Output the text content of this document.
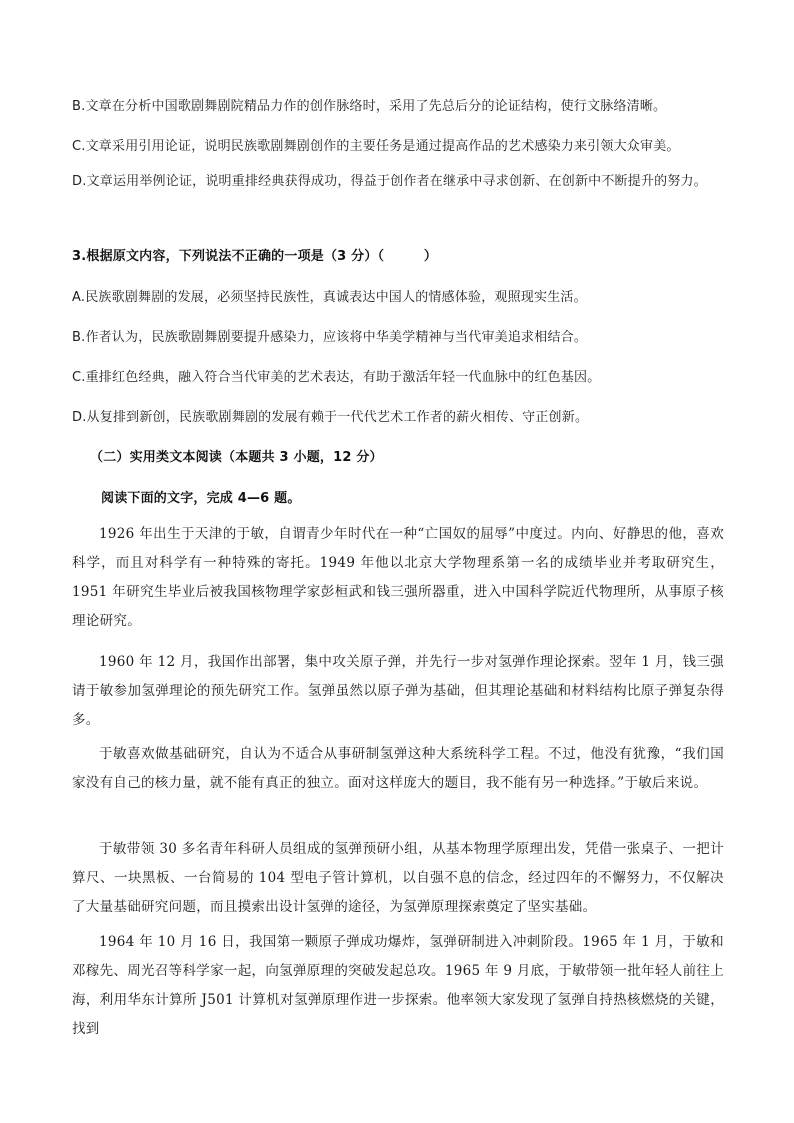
B.文章在分析中国歌剧舞剧院精品力作的创作脉络时，采用了先总后分的论证结构，使行文脉络清晰。
C.文章采用引用论证，说明民族歌剧舞剧创作的主要任务是通过提高作品的艺术感染力来引领大众审美。
D.文章运用举例论证，说明重排经典获得成功，得益于创作者在继承中寻求创新、在创新中不断提升的努力。
3.根据原文内容，下列说法不正确的一项是（3 分）（　　　）
A.民族歌剧舞剧的发展，必须坚持民族性，真诚表达中国人的情感体验，观照现实生活。
B.作者认为，民族歌剧舞剧要提升感染力，应该将中华美学精神与当代审美追求相结合。
C.重排红色经典，融入符合当代审美的艺术表达，有助于激活年轻一代血脉中的红色基因。
D.从复排到新创，民族歌剧舞剧的发展有赖于一代代艺术工作者的薪火相传、守正创新。
（二）实用类文本阅读（本题共 3 小题，12 分）
阅读下面的文字，完成 4—6 题。
1926 年出生于天津的于敏，自谓青少年时代在一种“亡国奴的屈辱”中度过。内向、好静思的他，喜欢科学，而且对科学有一种特殊的寄托。1949 年他以北京大学物理系第一名的成绩毕业并考取研究生，1951 年研究生毕业后被我国核物理学家彭桓武和钱三强所器重，进入中国科学院近代物理所，从事原子核理论研究。
1960 年 12 月，我国作出部署，集中攻关原子弹，并先行一步对氢弹作理论探索。翌年 1 月，钱三强请于敏参加氢弹理论的预先研究工作。氢弹虽然以原子弹为基础，但其理论基础和材料结构比原子弹复杂得多。
于敏喜欢做基础研究，自认为不适合从事研制氢弹这种大系统科学工程。不过，他没有犹豫，“我们国家没有自己的核力量，就不能有真正的独立。面对这样庞大的题目，我不能有另一种选择。”于敏后来说。
于敏带领 30 多名青年科研人员组成的氢弹预研小组，从基本物理学原理出发，凭借一张桌子、一把计算尺、一块黑板、一台简易的 104 型电子管计算机，以自强不息的信念，经过四年的不懈努力，不仅解决了大量基础研究问题，而且摸索出设计氢弹的途径，为氢弹原理探索奠定了坚实基础。
1964 年 10 月 16 日，我国第一颗原子弹成功爆炸，氢弹研制进入冲刺阶段。1965 年 1 月，于敏和邓稼先、周光召等科学家一起，向氢弹原理的突破发起总攻。1965 年 9 月底，于敏带领一批年轻人前往上海，利用华东计算所 J501 计算机对氢弹原理作进一步探索。他率领大家发现了氢弹自持热核燃烧的关键，找到
